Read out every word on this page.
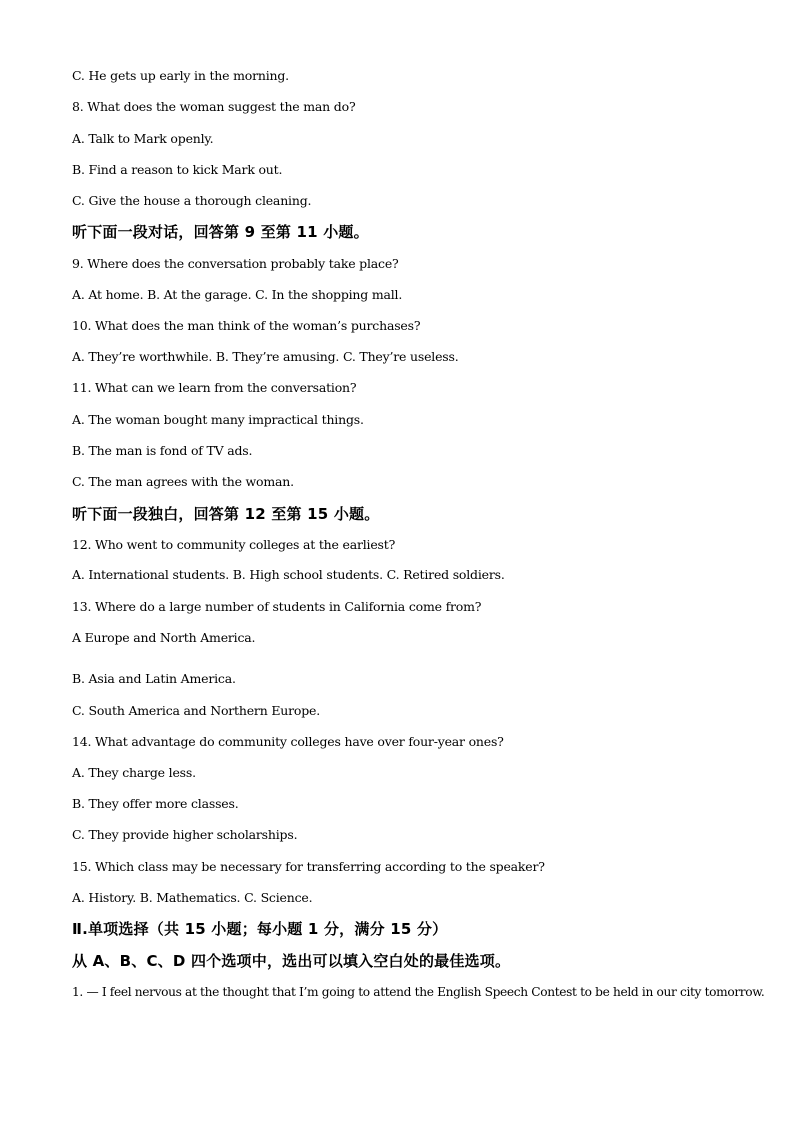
C. He gets up early in the morning.
8. What does the woman suggest the man do?
A. Talk to Mark openly.
B. Find a reason to kick Mark out.
C. Give the house a thorough cleaning.
听下面一段对话，回答第 9 至第 11 小题。
9. Where does the conversation probably take place?
A. At home. B. At the garage. C. In the shopping mall.
10. What does the man think of the woman’s purchases?
A. They’re worthwhile. B. They’re amusing. C. They’re useless.
11. What can we learn from the conversation?
A. The woman bought many impractical things.
B. The man is fond of TV ads.
C. The man agrees with the woman.
听下面一段独白，回答第 12 至第 15 小题。
12. Who went to community colleges at the earliest?
A. International students. B. High school students. C. Retired soldiers.
13. Where do a large number of students in California come from?
A Europe and North America.
B. Asia and Latin America.
C. South America and Northern Europe.
14. What advantage do community colleges have over four-year ones?
A. They charge less.
B. They offer more classes.
C. They provide higher scholarships.
15. Which class may be necessary for transferring according to the speaker?
A. History. B. Mathematics. C. Science.
Ⅱ.单项选择（共 15 小题；每小题 1 分，满分 15 分）
从 A、B、C、D 四个选项中，选出可以填入空白处的最佳选项。
1. — I feel nervous at the thought that I’m going to attend the English Speech Contest to be held in our city tomorrow.
